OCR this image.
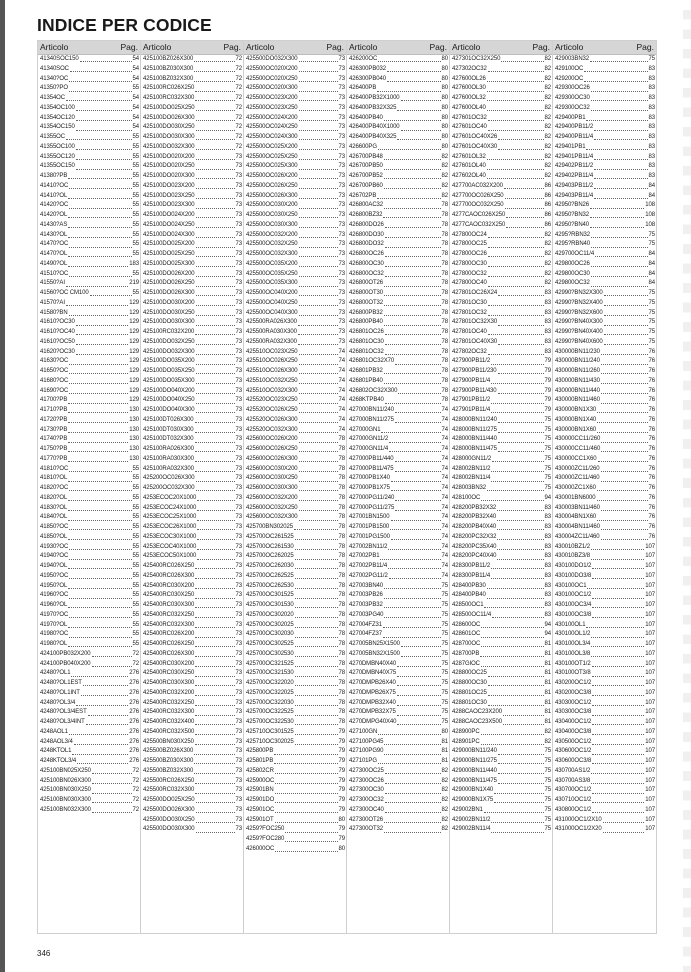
INDICE PER CODICE
Articolo	Pag.
41340SOC150	54
41340SOC	54
41340?OC	54
41350?PO	55
41354OC	54
41354OC100	54
41354OC120	54
41354OC150	54
41355OC	55
41355OC100	55
41355OC120	55
41355OC150	55
41380?PB	55
41410?OC	55
41410?OL	55
41420?OC	55
41420?OL	55
41430?AS	55
41430?OL	55
41470?OC	55
41470?OL	55
41490?OL	183
41510?OC	55
41550?AI	219
41560?OC CM100	55
41570?AI	129
41580?BN	129
41610?OC30	129
41610?OC40	129
41610?OC50	129
41620?OC30	129
41630?OC	129
41650?OC	129
41680?OC	129
41690?OC	129
41700?PB	129
41710?PB	130
41720?PB	130
41730?PB	130
41740?PB	130
41750?PB	130
41770?PB	130
41810?OC	55
41810?OL	55
41820?OC	55
41820?OL	55
41830?OL	55
41840?OL	55
41850?OC	55
41850?OL	55
41930?OC	55
41940?OC	55
41940?OL	55
41950?OC	55
41950?OL	55
41960?OC	55
41960?OL	55
41970?OC	55
41970?OL	55
41980?OC	55
41980?OL	55
424100PB032X200	72
424100PB040X200	72
42480?OL1	276
42480?OL1EST	276
42480?OL1INT	276
42480?OL3/4	276
42480?OL3/4EST	276
42480?OL3/4INT	276
4248AOL1	276
4248AOL3/4	276
4248KTOL1	276
4248KTOL3/4	276
425100BN025X250	72
425100BN026X300	72
425100BN030X250	72
425100BN030X300	72
425100BN032X300	72
Articolo	Pag.
425100BZ026X300	72
425100BZ030X300	72
425100BZ032X300	72
425100RC026X250	72
425100RC032X300	72
425100DO025X250	72
425100DO026X300	72
425100DO030X250	72
425100DO030X300	72
425100DO032X300	72
425100DO020X200	73
425100DO020X250	73
425100DO020X300	73
425100DO023X200	73
425100DO023X250	73
425100DO023X300	73
425100DO024X200	73
425100DO024X250	73
425100DO024X300	73
425100DO025X200	73
425100DO025X250	73
425100DO025X300	73
425100DO026X200	73
425100DO026X250	73
425100DO026X300	73
425100DO030X200	73
425100DO030X250	73
425100DO030X300	73
425100RC032X200	73
425100DO032X250	73
425100DO032X300	73
425100DO035X200	73
425100DO035X250	73
425100DO035X300	73
425100DO040X200	73
425100DO040X250	73
425100DO040X300	73
425100DT026X300	73
425100DT030X300	73
425100DT032X300	73
425100RA026X300	73
425100RA030X300	73
425100RA032X300	73
425200OC026X300	73
425200OC032X300	73
4253ECOC20X1000	73
4253ECOC24X1000	73
4253ECOC25X1000	73
4253ECOC26X1000	73
4253ECOC30X1000	73
4253ECOC40X1000	73
4253ECOC50X1000	73
425400RC026X250	73
425400RC026X300	73
425400RC030X200	73
425400RC030X250	73
425400RC030X300	73
425400RC032X250	73
425400RC032X300	73
425400RC026X200	73
425400RC026X250	73
425400RC026X300	73
425400RC030X200	73
425400RC030X250	73
425400RC030X300	73
425400RC032X200	73
425400RC032X250	73
425400RC032X300	73
425400RC032X400	73
425400RC032X500	73
425500BN030X250	73
425500BZ026X300	73
425500BZ030X300	73
425500BZ032X300	73
425500RC026X250	73
425500RC032X300	73
425500DO025X250	73
425500DO026X300	73
425500DO030X250	73
425500DO030X300	73
Articolo	Pag.
425500DO032X300	73
425500OC020X200	73
425500OC020X250	73
425500OC020X300	73
425500OC023X200	73
425500OC023X250	73
425500OC024X200	73
425500OC024X250	73
425500OC024X300	73
425500OC025X200	73
425500OC025X250	73
425500OC025X300	73
425500OC026X200	73
425500OC026X250	73
425500OC026X300	73
425500OC030X200	73
425500OC030X250	73
425500OC030X300	73
425500OC032X200	73
425500OC032X250	73
425500OC032X300	73
425500OC035X200	73
425500OC035X250	73
425500OC035X300	73
425500OC040X200	73
425500OC040X250	73
425500OC040X300	73
425500RA026X300	73
425500RA030X300	73
425500RA032X300	73
425510OC023X250	74
425510OC026X250	74
425510OC026X300	74
425510OC032X250	74
425510OC032X300	74
425520OC023X250	74
425520OC026X250	74
425520OC026X300	74
425520OC032X300	74
425600OC026X200	78
425600OC026X250	78
425600OC026X300	78
425600OC030X200	78
425600OC030X250	78
425600OC030X300	78
425600OC032X200	78
425600OC032X250	78
425600OC032X300	78
425700BN302025	78
425700OC261525	78
425700OC261530	78
425700OC262025	78
425700OC262030	78
425700OC262525	78
425700OC262530	78
425700OC301525	78
425700OC301530	78
425700OC302020	78
425700OC302025	78
425700OC302030	78
425700OC302525	78
425700OC302530	78
425700OC321525	78
425700OC321530	78
425700OC322020	78
425700OC322025	78
425700OC322030	78
425700OC322525	78
425700OC322530	78
425710OC301525	79
425710OC302025	79
425800PB	79
425801PB	79
425802CR	79
425900OC	79
425901BN	79
425901DO	79
425901OC	79
425901OT	80
4259?FOC250	79
4259?FOC280	79
426000OC	80
Articolo	Pag.
426200OC	80
426300PB032	80
426300PB040	80
426400PB	80
426400PB32X1000	80
426400PB32X325	80
426400PB40	80
426400PB40X1000	80
426400PB40X325	80
426600PG	80
426700PB48	82
426700PB50	82
426700PB52	82
426700PB60	82
426702PB	82
426800AC32	78
426800BZ32	78
426800DO26	78
426800DO30	78
426800DO32	78
426800OC26	78
426800OC30	78
426800OC32	78
426800OT26	78
426800OT30	78
426800OT32	78
426800PB32	78
426800PB40	78
426801OC26	78
426801OC30	78
426801OC32	78
426801OC32X70	78
426801PB32	78
426801PB40	78
426802OC32X300	78
4268KTPB40	78
427000BN11/240	74
427000BN11/275	74
427000GN1	74
427000GN11/2	74
427000GN11/4	74
427000PB11/440	74
427000PB11/475	74
427000PB1X40	74
427000PB1X75	74
427000PG11/240	74
427000PG11/275	74
427001BN1500	74
427001PB1500	74
427001PG1500	74
427002BN11/2	74
427002PB1	74
427002PB11/4	74
427002PG11/2	74
427003BN40	75
427003PB26	75
427003PB32	75
427003PG40	75
427004FZ31	75
427004FZ37	75
427005BN25X1500	75
427005BN32X1500	75
4270DMBN40X40	75
4270DMBN40X75	75
4270DMPB26X40	75
4270DMPB26X75	75
4270DMPB32X40	75
4270DMPB32X75	75
4270DMPG40X40	75
427100GN	80
427100PG45	81
427100PG90	81
427101PG	81
427300OC25	82
427300OC26	82
427300OC30	82
427300OC32	82
427300OC40	82
427300OT26	82
427300OT32	82
Articolo	Pag.
427301OC32X250	82
427302OC32	82
427600OL26	82
427600OL30	82
427600OL32	82
427600OL40	82
427601OC32	82
427601OC40	82
427601OC40X26	82
427601OC40X30	82
427601OL32	82
427601OL40	82
427602OL40	82
427700AC032X200	86
427700OC026X250	86
427700OC032X250	86
4277CAOC026X250	86
4277CAOC032X250	86
427800OC24	82
427800OC25	82
427800OC26	82
427800OC30	82
427800OC32	82
427800OC40	82
427801OC26X24	83
427801OC30	83
427801OC32	83
427801OC32X30	83
427801OC40	83
427801OC40X30	83
427802OC32	83
427900PB11/2	79
427900PB11/230	79
427900PB11/4	79
427900PB11/430	79
427901PB11/2	79
427901PB11/4	79
428000BN11/240	75
428000BN11/275	75
428000BN11/440	75
428000BN11/475	75
428000GN11/2	75
428002BN11/2	75
428002BN11/4	75
428003BN32	75
428100OC	94
428200PB32X32	83
428200PB32X40	83
428200PB40X40	83
428200PC32X32	83
428200PC35X40	83
428200PC40X40	83
428300PB11/2	83
428300PB11/4	83
428400PB30	83
428400PB40	83
428500OC1	83
428500OC11/4	83
428600OC	94
428601OC	94
428700OC	81
428700PB	81
4287GIOC	81
428800OC25	81
428800OC30	81
428801OC25	81
428801OC30	81
4288CAOC23X200	81
4288CAOC23X500	81
428900PC	82
428901PC	82
429000BN11/240	75
429000BN11/275	75
429000BN11/440	75
429000BN11/475	75
429000BN1X40	75
429000BN1X75	75
429002BN1	75
429002BN11/2	75
429002BN11/4	75
Articolo	Pag.
429003BN32	75
429100OC	83
429200OC	83
429300OC26	83
429300OC30	83
429300OC32	83
429400PB1	83
429400PB11/2	83
429400PB11/4	83
429401PB1	83
429401PB11/4	83
429402PB11/2	83
429402PB11/4	83
429403PB11/2	84
429403PB11/4	84
42950?BN26	108
42950?BN32	108
42950?BN40	108
4295?RBN32	75
4295?RBN40	75
429700OC11/4	84
429800OC26	84
429800OC30	84
429800OC32	84
42990?BN32X300	75
42990?BN32X400	75
42990?BN32X600	75
42990?BN40X300	75
42990?BN40X400	75
42990?BN40X600	75
430000BN11/230	76
430000BN11/240	76
430000BN11/260	76
430000BN11/430	76
430000BN11/440	76
430000BN11/460	76
430000BN1X30	76
430000BN1X40	76
430000BN1X60	76
430000CC11/260	76
430000CC11/460	76
430000CC1X60	76
430000ZC11/260	76
430000ZC11/460	76
430000ZC1X60	76
430001BN6000	76
430003BN11/460	76
430004BN1X60	76
430004BN11/460	76
430004ZC11/460	76
430010BZ1/2	107
430010BZ3/8	107
430100DO1/2	107
430100DO3/8	107
430100OC1	107
430100OC1/2	107
430100OC3/4	107
430100OC3/8	107
430100OL1	107
430100OL1/2	107
430100OL3/4	107
430100OL3/8	107
430100OT1/2	107
430100OT3/8	107
430200OC1/2	107
430200OC3/8	107
430300OC1/2	107
430300OC3/8	107
430400OC1/2	107
430400OC3/8	107
430500OC1/2	107
430600OC1/2	107
430600OC3/8	107
430700AS1/2	107
430700AS3/8	107
430700OC1/2	107
430710OC1/2	107
430800OC1/2	107
431000OC1/2X10	107
431000OC1/2X20	107
346
